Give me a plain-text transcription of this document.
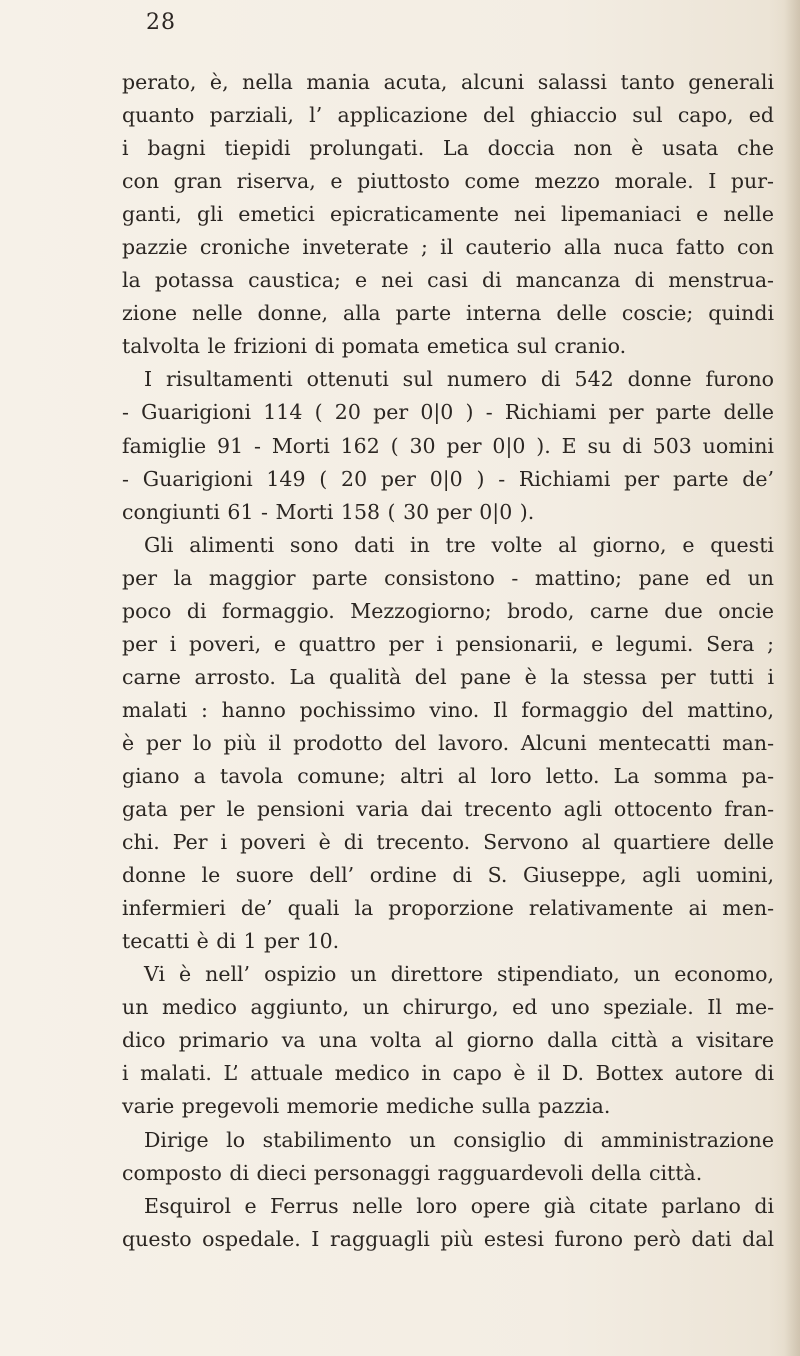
28
perato, è, nella mania acuta, alcuni salassi tanto generali
quanto parziali, l’ applicazione del ghiaccio sul capo, ed
i bagni tiepidi prolungati. La doccia non è usata che
con gran riserva, e piuttosto come mezzo morale. I pur-
ganti, gli emetici epicraticamente nei lipemaniaci e nelle
pazzie croniche inveterate ; il cauterio alla nuca fatto con
la potassa caustica; e nei casi di mancanza di menstrua-
zione nelle donne, alla parte interna delle coscie; quindi
talvolta le frizioni di pomata emetica sul cranio.
I risultamenti ottenuti sul numero di 542 donne furono
- Guarigioni 114 ( 20 per 0|0 ) - Richiami per parte delle
famiglie 91 - Morti 162 ( 30 per 0|0 ). E su di 503 uomini
- Guarigioni 149 ( 20 per 0|0 ) - Richiami per parte de’
congiunti 61 - Morti 158 ( 30 per 0|0 ).
Gli alimenti sono dati in tre volte al giorno, e questi
per la maggior parte consistono - mattino; pane ed un
poco di formaggio. Mezzogiorno; brodo, carne due oncie
per i poveri, e quattro per i pensionarii, e legumi. Sera ;
carne arrosto. La qualità del pane è la stessa per tutti i
malati : hanno pochissimo vino. Il formaggio del mattino,
è per lo più il prodotto del lavoro. Alcuni mentecatti man-
giano a tavola comune; altri al loro letto. La somma pa-
gata per le pensioni varia dai trecento agli ottocento fran-
chi. Per i poveri è di trecento. Servono al quartiere delle
donne le suore dell’ ordine di S. Giuseppe, agli uomini,
infermieri de’ quali la proporzione relativamente ai men-
tecatti è di 1 per 10.
Vi è nell’ ospizio un direttore stipendiato, un economo,
un medico aggiunto, un chirurgo, ed uno speziale. Il me-
dico primario va una volta al giorno dalla città a visitare
i malati. L’ attuale medico in capo è il D. Bottex autore di
varie pregevoli memorie mediche sulla pazzia.
Dirige lo stabilimento un consiglio di amministrazione
composto di dieci personaggi ragguardevoli della città.
Esquirol e Ferrus nelle loro opere già citate parlano di
questo ospedale. I ragguagli più estesi furono però dati dal
